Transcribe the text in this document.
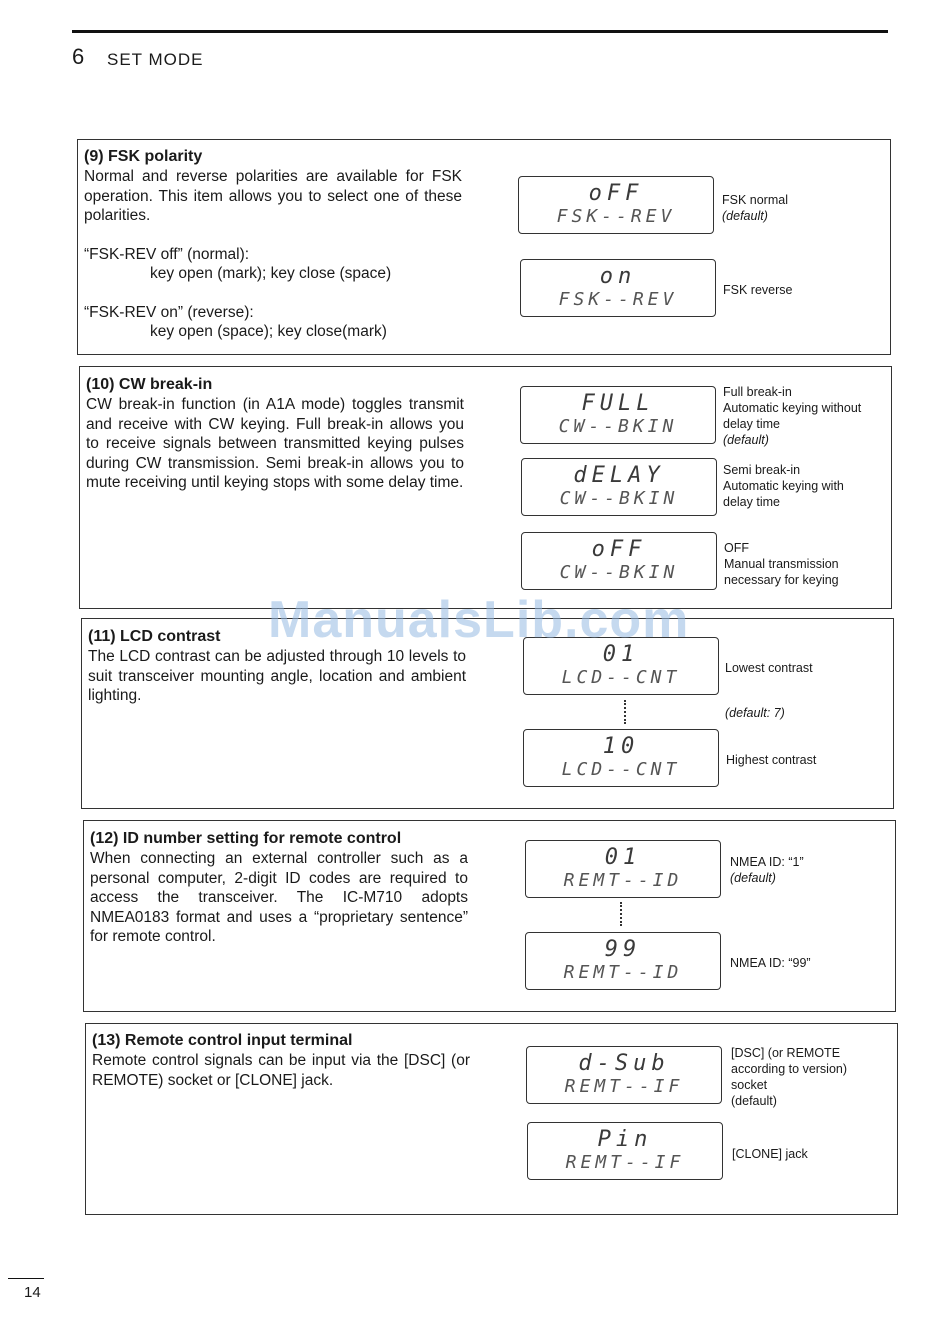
6 SET MODE
(9) FSK polarity

Normal and reverse polarities are available for FSK operation. This item allows you to select one of these polarities.

“FSK-REV off” (normal):

key open (mark); key close (space)

“FSK-REV on” (reverse):

key open (space); key close(mark)

oFF
FSK--REV
FSK normal
(default)
on
FSK--REV	FSK reverse
(10) CW break-in
CW break-in function (in A1A mode) toggles transmit and receive with CW keying. Full break-in allows you to receive signals between transmitted keying pulses during CW transmission. Semi break-in allows you to mute receiving until keying stops with some delay time.
FULL
CW--BKIN
Full break-in
Automatic keying without
delay time
(default)
dELAY
CW--BKIN
Semi break-in
Automatic keying with
delay time
oFF
CW--BKIN
OFF
Manual transmission
necessary for keying
(11) LCD contrast
The LCD contrast can be adjusted through 10 levels to suit transceiver mounting angle, location and ambient lighting.
01
LCD--CNT	Lowest contrast
(default: 7)
10
LCD--CNT	Highest contrast
(12) ID number setting for remote control
When connecting an external controller such as a personal computer, 2-digit ID codes are required to access the transceiver. The IC-M710 adopts NMEA0183 format and uses a “proprietary sentence” for remote control.
01
REMT--ID
NMEA ID: “1”
(default)
99
REMT--ID	NMEA ID: “99”
(13) Remote control input terminal
Remote control signals can be input via the [DSC] (or REMOTE) socket or [CLONE] jack.
d-Sub
REMT--IF
[DSC] (or REMOTE
according to version)
socket
(default)
Pin
REMT--IF	[CLONE] jack
ManualsLib.com
14
